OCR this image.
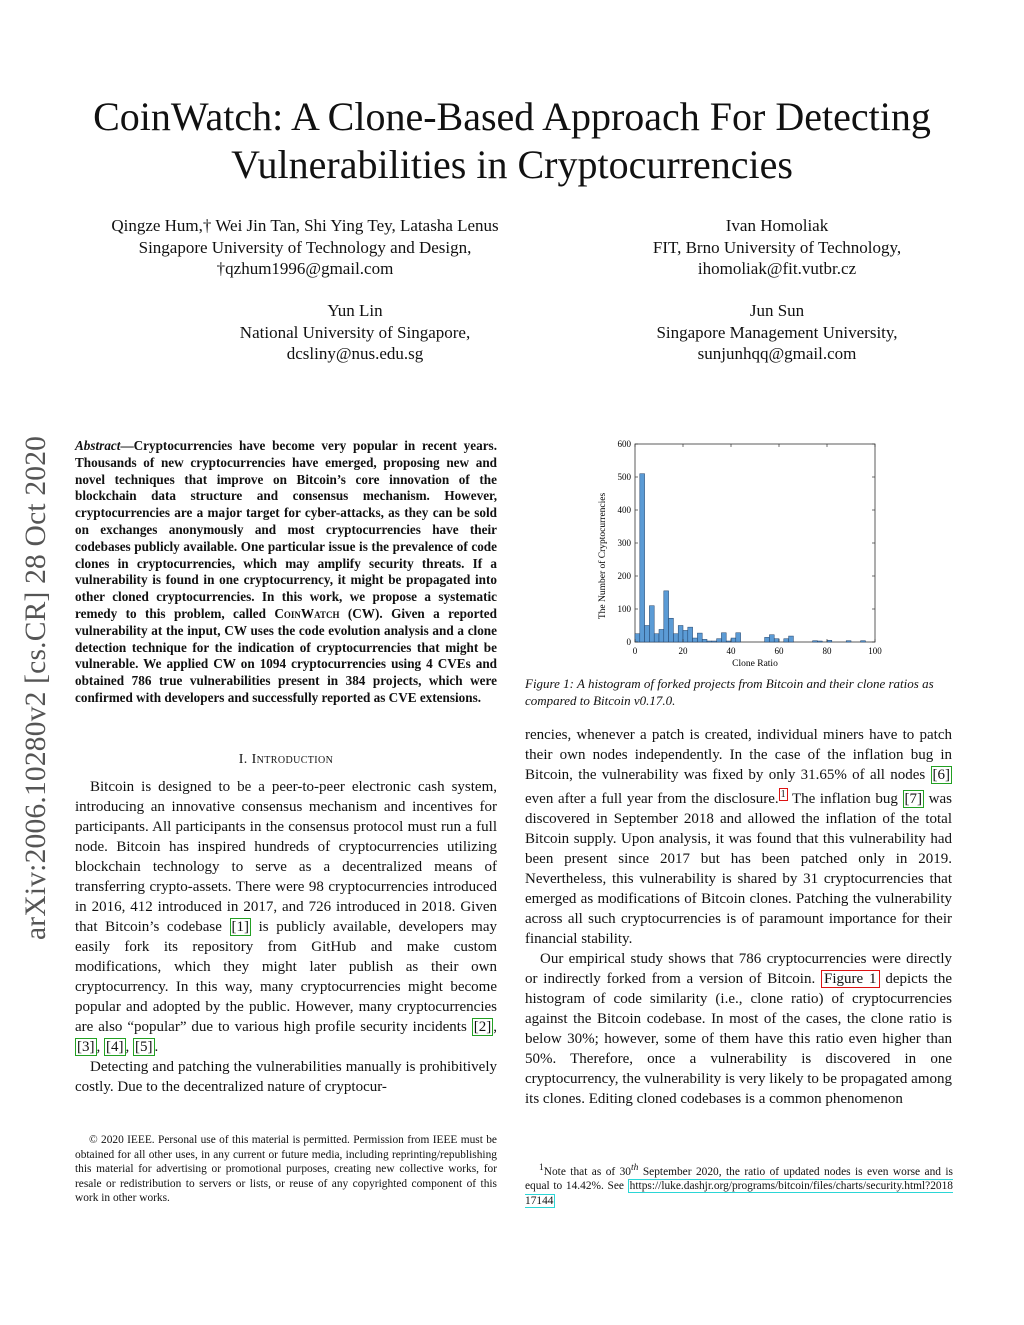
CoinWatch: A Clone-Based Approach For Detecting
Vulnerabilities in Cryptocurrencies
Qingze Hum,† Wei Jin Tan, Shi Ying Tey, Latasha Lenus
Singapore University of Technology and Design,
†qzhum1996@gmail.com
Ivan Homoliak
FIT, Brno University of Technology,
ihomoliak@fit.vutbr.cz
Yun Lin
National University of Singapore,
dcsliny@nus.edu.sg
Jun Sun
Singapore Management University,
sunjunhqq@gmail.com
arXiv:2006.10280v2 [cs.CR] 28 Oct 2020 Abstract—Cryptocurrencies have become very popular in recent years. Thousands of new cryptocurrencies have emerged, proposing new and novel techniques that improve on Bitcoin’s core innovation of the blockchain data structure and consensus mechanism. However, cryptocurrencies are a major target for cyber-attacks, as they can be sold on exchanges anonymously and most cryptocurrencies have their codebases publicly available. One particular issue is the prevalence of code clones in cryptocurrencies, which may amplify security threats. If a vulnerability is found in one cryptocurrency, it might be propagated into other cloned cryptocurrencies. In this work, we propose a systematic remedy to this problem, called CoinWatch (CW). Given a reported vulnerability at the input, CW uses the code evolution analysis and a clone detection technique for the indication of cryptocurrencies that might be vulnerable. We applied CW on 1094 cryptocurrencies using 4 CVEs and obtained 786 true vulnerabilities present in 384 projects, which were confirmed with developers and successfully reported as CVE extensions.
I. Introduction

Bitcoin is designed to be a peer-to-peer electronic cash system, introducing an innovative consensus mechanism and incentives for participants. All participants in the consensus protocol must run a full node. Bitcoin has inspired hundreds of cryptocurrencies utilizing blockchain technology to serve as a decentralized means of transferring crypto-assets. There were 98 cryptocurrencies introduced in 2016, 412 introduced in 2017, and 726 introduced in 2018. Given that Bitcoin’s codebase [1] is publicly available, developers may easily fork its repository from GitHub and make custom modifications, which they might later publish as their own cryptocurrency. In this way, many cryptocurrencies might become popular and adopted by the public. However, many cryptocurrencies are also “popular” due to various high profile security incidents [2] , [3] , [4] , [5] .

Detecting and patching the vulnerabilities manually is prohibitively costly. Due to the decentralized nature of cryptocur-

© 2020 IEEE. Personal use of this material is permitted. Permission from IEEE must be obtained for all other uses, in any current or future media, including reprinting/republishing this material for advertising or promotional purposes, creating new collective works, for resale or redistribution to servers or lists, or reuse of any copyrighted component of this work in other works.
0	20	40	60	80	100
0
100
200
300
400
500
600
The Number of Cryptocurrencies
Clone Ratio
Figure 1: A histogram of forked projects from Bitcoin and their clone ratios as compared to Bitcoin v0.17.0.

rencies, whenever a patch is created, individual miners have to patch their own nodes independently. In the case of the inflation bug in Bitcoin, the vulnerability was fixed by only 31.65% of all nodes [6] even after a full year from the disclosure. $^1$ The inflation bug [7] was discovered in September 2018 and allowed the inflation of the total Bitcoin supply. Upon analysis, it was found that this vulnerability had been present since 2017 but has been patched only in 2019. Nevertheless, this vulnerability is shared by 31 cryptocurrencies that emerged as modifications of Bitcoin clones. Patching the vulnerability across all such cryptocurrencies is of paramount importance for their financial stability.

Our empirical study shows that 786 cryptocurrencies were directly or indirectly forked from a version of Bitcoin. Figure 1 depicts the histogram of code similarity (i.e., clone ratio) of cryptocurrencies against the Bitcoin codebase. In most of the cases, the clone ratio is below 30%; however, some of them have this ratio even higher than 50%. Therefore, once a vulnerability is discovered in one cryptocurrency, the vulnerability is very likely to be propagated among its clones. Editing cloned codebases is a common phenomenon

$^1$Note that as of 30th September 2020, the ratio of updated nodes is even worse and is equal to 14.42%. See https://luke.dashjr.org/programs/bitcoin/files/charts/security.html?201817144
